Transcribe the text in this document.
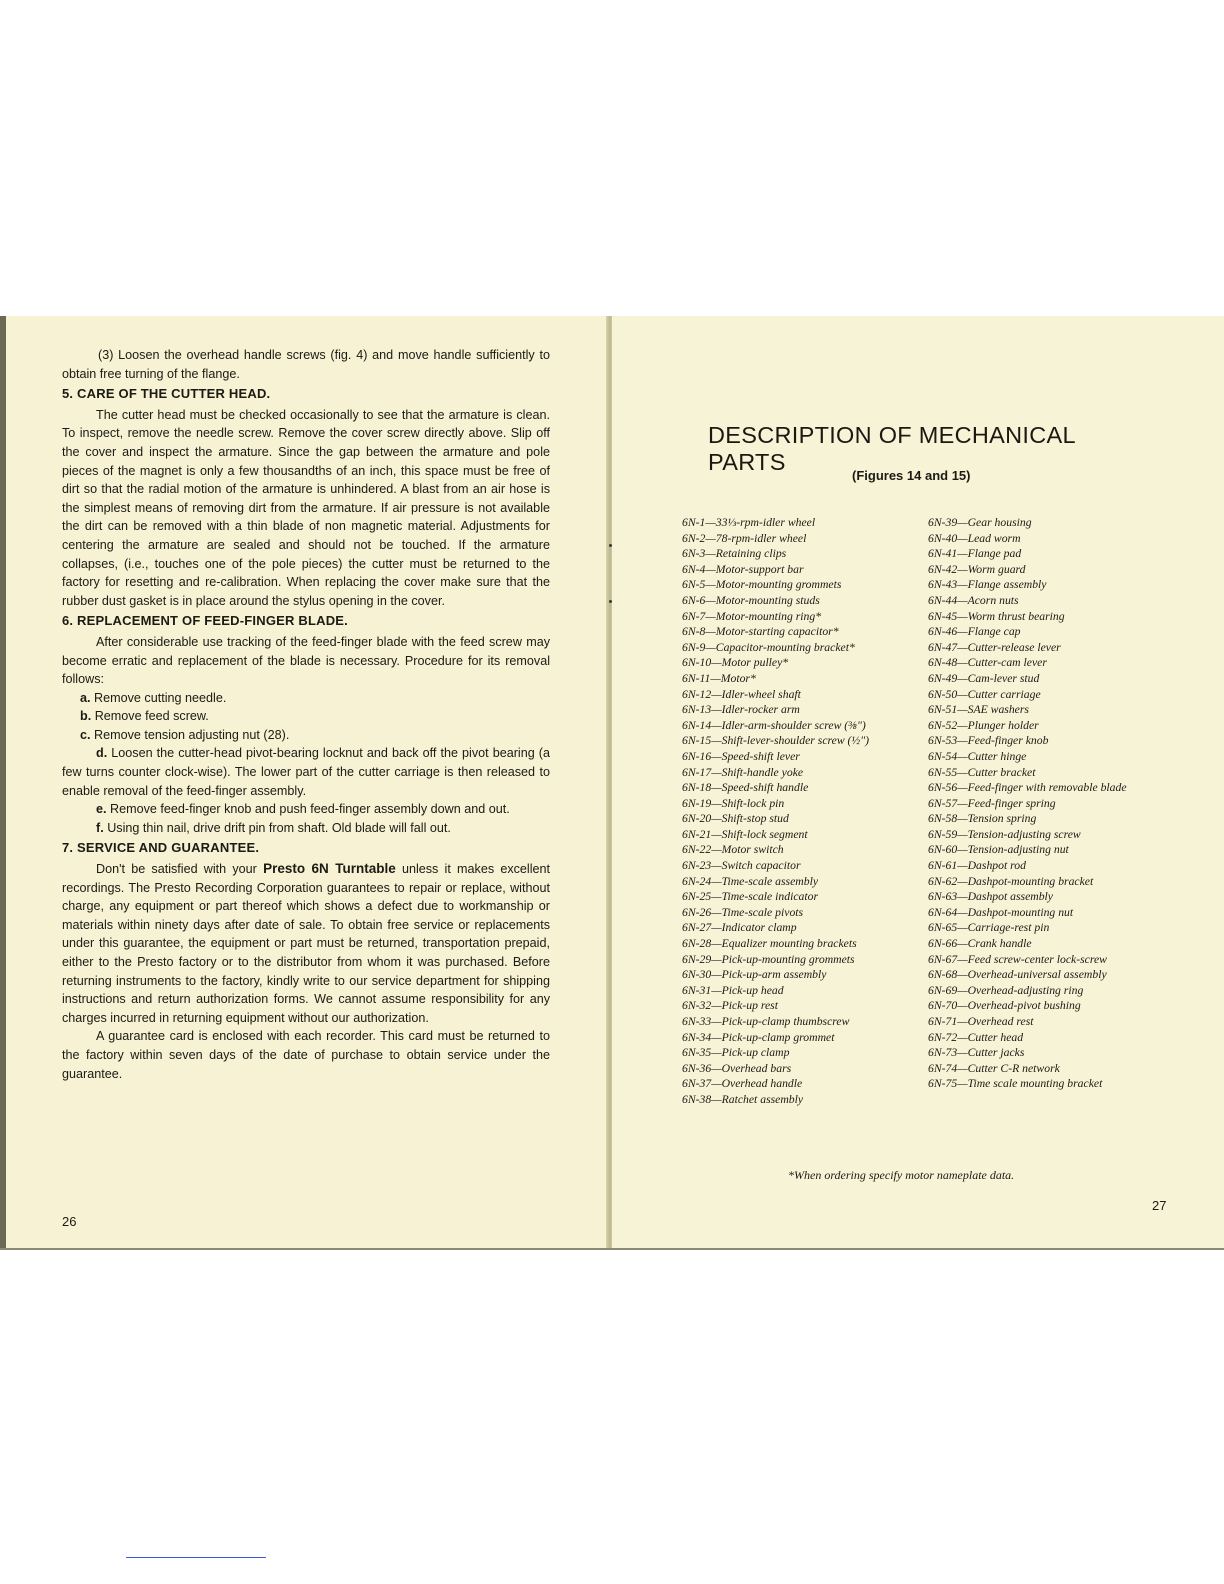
(3) Loosen the overhead handle screws (fig. 4) and move handle sufficiently to obtain free turning of the flange.

5. CARE OF THE CUTTER HEAD.

The cutter head must be checked occasionally to see that the armature is clean. To inspect, remove the needle screw. Remove the cover screw directly above. Slip off the cover and inspect the armature. Since the gap between the armature and pole pieces of the magnet is only a few thousandths of an inch, this space must be free of dirt so that the radial motion of the armature is unhindered. A blast from an air hose is the simplest means of removing dirt from the armature. If air pressure is not available the dirt can be removed with a thin blade of non magnetic material. Adjustments for centering the armature are sealed and should not be touched. If the armature collapses, (i.e., touches one of the pole pieces) the cutter must be returned to the factory for resetting and re-calibration. When replacing the cover make sure that the rubber dust gasket is in place around the stylus opening in the cover.

6. REPLACEMENT OF FEED-FINGER BLADE.

After considerable use tracking of the feed-finger blade with the feed screw may become erratic and replacement of the blade is necessary. Procedure for its removal follows:

a. Remove cutting needle.

b. Remove feed screw.

c. Remove tension adjusting nut (28).

d. Loosen the cutter-head pivot-bearing locknut and back off the pivot bearing (a few turns counter clock-wise). The lower part of the cutter carriage is then released to enable removal of the feed-finger assembly.

e. Remove feed-finger knob and push feed-finger assembly down and out.

f. Using thin nail, drive drift pin from shaft. Old blade will fall out.

7. SERVICE AND GUARANTEE.

Don't be satisfied with your Presto 6N Turntable unless it makes excellent recordings. The Presto Recording Corporation guarantees to repair or replace, without charge, any equipment or part thereof which shows a defect due to workmanship or materials within ninety days after date of sale. To obtain free service or replacements under this guarantee, the equipment or part must be returned, transportation prepaid, either to the Presto factory or to the distributor from whom it was purchased. Before returning instruments to the factory, kindly write to our service department for shipping instructions and return authorization forms. We cannot assume responsibility for any charges incurred in returning equipment without our authorization.

A guarantee card is enclosed with each recorder. This card must be returned to the factory within seven days of the date of purchase to obtain service under the guarantee.

26
DESCRIPTION OF MECHANICAL PARTS
(Figures 14 and 15)
6N-1—33⅓-rpm-idler wheel
6N-2—78-rpm-idler wheel
6N-3—Retaining clips
6N-4—Motor-support bar
6N-5—Motor-mounting grommets
6N-6—Motor-mounting studs
6N-7—Motor-mounting ring*
6N-8—Motor-starting capacitor*
6N-9—Capacitor-mounting bracket*
6N-10—Motor pulley*
6N-11—Motor*
6N-12—Idler-wheel shaft
6N-13—Idler-rocker arm
6N-14—Idler-arm-shoulder screw (⅜")
6N-15—Shift-lever-shoulder screw (½")
6N-16—Speed-shift lever
6N-17—Shift-handle yoke
6N-18—Speed-shift handle
6N-19—Shift-lock pin
6N-20—Shift-stop stud
6N-21—Shift-lock segment
6N-22—Motor switch
6N-23—Switch capacitor
6N-24—Time-scale assembly
6N-25—Time-scale indicator
6N-26—Time-scale pivots
6N-27—Indicator clamp
6N-28—Equalizer mounting brackets
6N-29—Pick-up-mounting grommets
6N-30—Pick-up-arm assembly
6N-31—Pick-up head
6N-32—Pick-up rest
6N-33—Pick-up-clamp thumbscrew
6N-34—Pick-up-clamp grommet
6N-35—Pick-up clamp
6N-36—Overhead bars
6N-37—Overhead handle
6N-38—Ratchet assembly
6N-39—Gear housing
6N-40—Lead worm
6N-41—Flange pad
6N-42—Worm guard
6N-43—Flange assembly
6N-44—Acorn nuts
6N-45—Worm thrust bearing
6N-46—Flange cap
6N-47—Cutter-release lever
6N-48—Cutter-cam lever
6N-49—Cam-lever stud
6N-50—Cutter carriage
6N-51—SAE washers
6N-52—Plunger holder
6N-53—Feed-finger knob
6N-54—Cutter hinge
6N-55—Cutter bracket
6N-56—Feed-finger with removable blade
6N-57—Feed-finger spring
6N-58—Tension spring
6N-59—Tension-adjusting screw
6N-60—Tension-adjusting nut
6N-61—Dashpot rod
6N-62—Dashpot-mounting bracket
6N-63—Dashpot assembly
6N-64—Dashpot-mounting nut
6N-65—Carriage-rest pin
6N-66—Crank handle
6N-67—Feed screw-center lock-screw
6N-68—Overhead-universal assembly
6N-69—Overhead-adjusting ring
6N-70—Overhead-pivot bushing
6N-71—Overhead rest
6N-72—Cutter head
6N-73—Cutter jacks
6N-74—Cutter C-R network
6N-75—Time scale mounting bracket
*When ordering specify motor nameplate data.
27
